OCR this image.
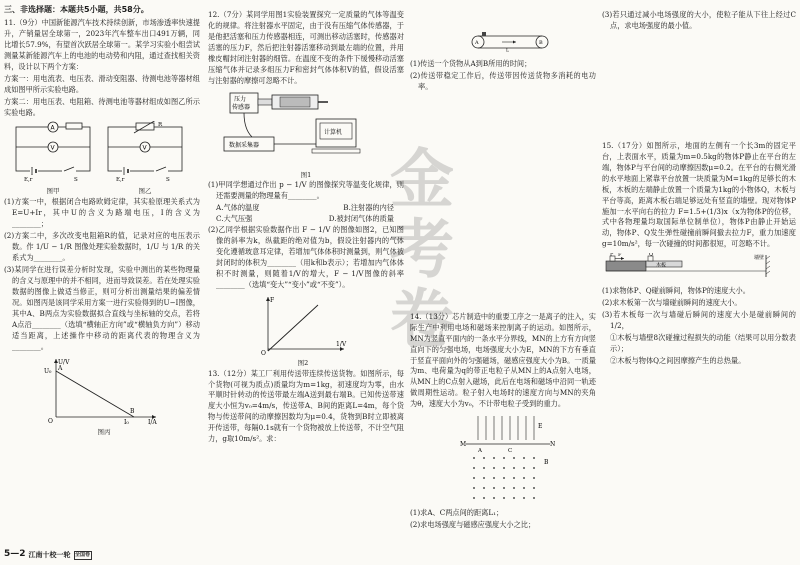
金考卷
三、非选择题：本题共5小题，共58分。

11.（9分）中国新能源汽车技术持续创新，市场渗透率快速提升，产销量居全球第一，2023年汽车整车出口491万辆，同比增长57.9%，有望首次跃居全球第一。某学习实验小组尝试测量某新能源汽车上的电池的电动势和内阻，通过查找相关资料，设计以下两个方案：

方案一：用电流表、电压表、滑动变阻器、待测电池等器材组成如图甲所示实验电路。

方案二：用电压表、电阻箱、待测电池等器材组成如图乙所示实验电路。

A
V
E,r	S
图甲
R
V
E,r	S
图乙

(1)方案一中，根据闭合电路欧姆定律，其实验原理关系式为E=U+Ir，其中U的含义为路端电压，I的含义为________；

(2)方案二中，多次改变电阻箱R的值，记录对应的电压表示数。作 1/U − 1/R 图像处理实验数据时，1/U 与 1/R 的关系式为________。

(3)某同学在进行误差分析时发现，实验中测出的某些物理量的含义与原理中的并不相同，进而导致误差。若在处理实验数据的图像上做适当修正，则可分析出测量结果的偏差情况。如图丙是该同学采用方案一进行实验得到的U−I图像，其中A、B两点为实验数据拟合直线与坐标轴的交点，若将A点沿________（选填“横轴正方向”或“横轴负方向”）移动适当距离，上述操作中移动的距离代表的物理含义为________。

U/V
I/A
O
U₀ A
B
I₀
图丙

12.（7分）某同学用图1实验装置探究一定质量的气体等温变化的规律。将注射器水平固定，由于没有压缩气体传感器，于是他把活塞和压力传感器相连，可测出移动活塞时，传感器对活塞的压力F，然后把注射器活塞移动到最左端的位置，并用橡皮帽封闭注射器的细管。在温度不变的条件下缓慢移动活塞压缩气体并记录多组压力F和密封气体体积V的值，假设活塞与注射器的摩擦可忽略不计。

压力
传感器
数据采集器
计算机
图1

(1)甲同学想通过作出 p − 1/V 的图像探究等温变化规律，则还需要测量的物理量有________。

A.气体的温度	B.注射器的内径
C.大气压强	D.被封闭气体的质量

(2)乙同学根据实验数据作出 F − 1/V 的图像如图2，已知图像的斜率为k，纵截距的绝对值为b，假设注射器内的气体变化遵循玻意耳定律，若增加气体体积时测量到，则气体被封闭时的体积为________（用k和b表示）；若增加内气体体积不时测量，则随着1/V的增大，F − 1/V图像的斜率________（选填“变大”“变小”或“不变”）。

F
O
1/V
图2

13.（12分）某工厂利用传送带连续传送货物。如图所示，每个货物(可视为质点)质量均为m=1kg，初速度均为零，由水平顺时针转动的传送带最左端A送到最右端B。已知传送带速度大小恒为v₀=4m/s，传送带A、B间的距离L=4m，每个货物与传送带间的动摩擦因数均为μ=0.4，货物到B时立即被离开传送带，每隔0.1s就有一个货物被放上传送带，不计空气阻力，g取10m/s²。求：

A	B
L

(1)传送一个货物从A到B所用的时间；

(2)传送带稳定工作后，传送带因传送货物多消耗的电功率。

14.（13分）芯片制造中的重要工序之一是离子的注入，实际生产中利用电场和磁场来控制离子的运动。如图所示，MN为竖直平面内的一条水平分界线，MN的上方有方向竖直向下的匀强电场，电场强度大小为E，MN的下方有垂直于竖直平面向外的匀强磁场，磁感应强度大小为B。一质量为m、电荷量为q的带正电粒子从MN上的A点射入电场，从MN上的C点射入磁场，此后在电场和磁场中沿同一轨迹做周期性运动。粒子射入电场时的速度方向与MN的夹角为θ，速度大小为v₀，不计带电粒子受到的重力。

M	N
E
A	C
B

(1)求A、C两点间的距离L₁；

(2)求电场强度与磁感应强度大小之比；

(3)若只通过减小电场强度的大小，使粒子能从下往上经过C点，求电场强度的最小值。

15.（17分）如图所示，地面的左侧有一个长3m的固定平台，上表面水平，质量为m=0.5kg的物体P静止在平台的左端，物体P与平台间的动摩擦因数μ=0.2。在平台的右侧光滑的水平地面上紧靠平台放置一块质量为M=1kg的足够长的木板，木板的左端静止放置一个质量为1kg的小物体Q，木板与平台等高，距离木板右端足够远处有竖直的墙壁。现对物体P施加一水平向右的拉力 F=1.5+(1/3)x（x为物体P的位移，式中各物理量均取国际单位制单位），物体P由静止开始运动，物体P、Q发生弹性碰撞前瞬间撤去拉力F，重力加速度g=10m/s²，每一次碰撞的时间都很短，可忽略不计。

P F
木板
Q
墙壁

(1)求物体P、Q碰前瞬间，物体P的速度大小。

(2)求木板第一次与墙碰前瞬间的速度大小。

(3)若木板每一次与墙碰后瞬间的速度大小是碰前瞬间的 1/2，

①木板与墙壁8次碰撞过程损失的动能（结果可以用分数表示）；

②木板与物体Q之间因摩擦产生的总热量。

5—2 江南十校一轮 全国卷
